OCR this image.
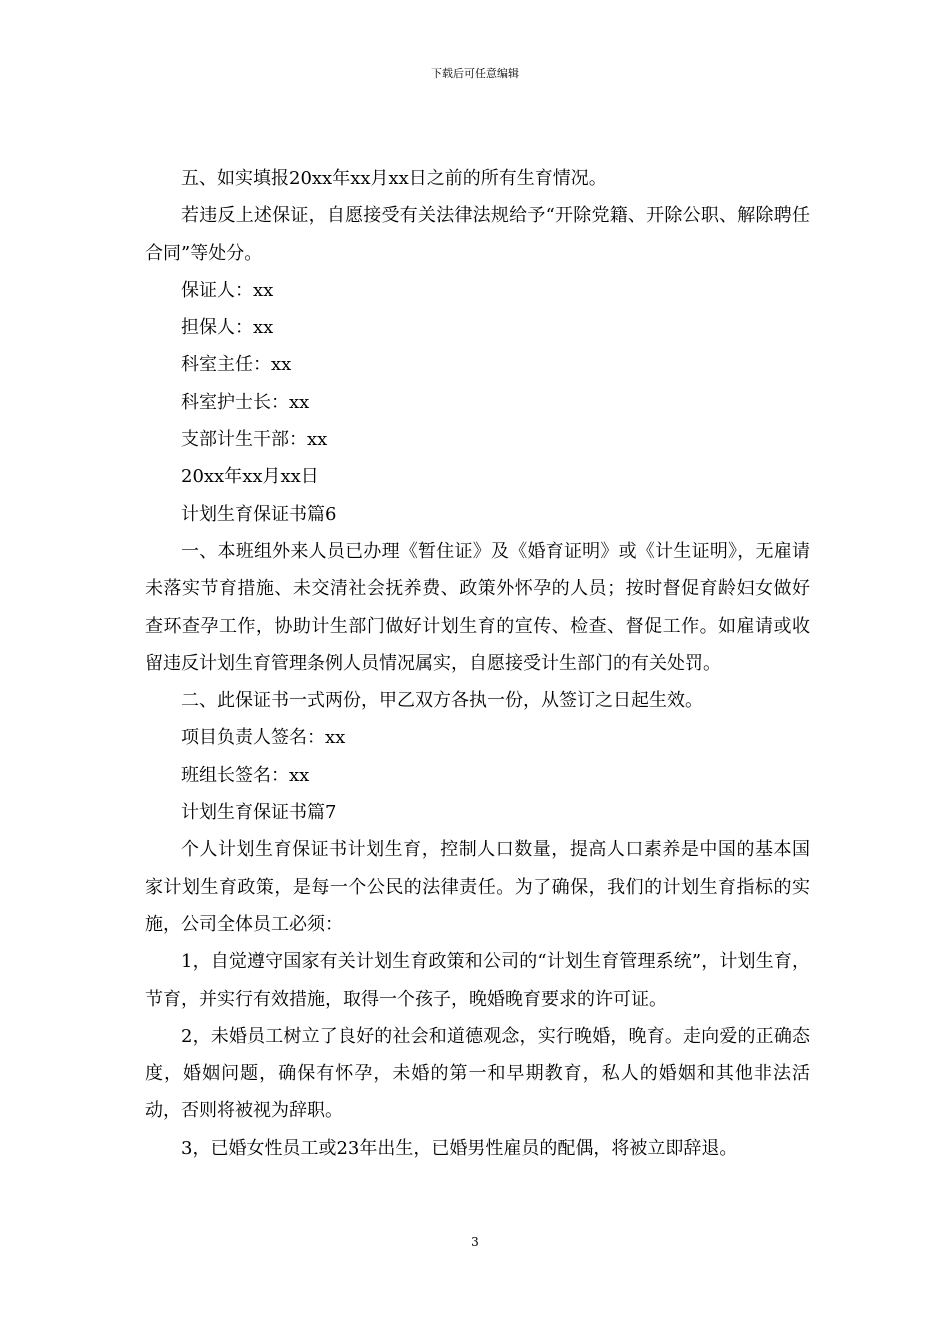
下载后可任意编辑
五、如实填报20xx年xx月xx日之前的所有生育情况。

若违反上述保证，自愿接受有关法律法规给予“开除党籍、开除公职、解除聘任合同”等处分。

保证人：xx
担保人：xx
科室主任：xx
科室护士长：xx
支部计生干部：xx
20xx年xx月xx日
计划生育保证书篇6

一、本班组外来人员已办理《暂住证》及《婚育证明》或《计生证明》，无雇请未落实节育措施、未交清社会抚养费、政策外怀孕的人员；按时督促育龄妇女做好查环查孕工作，协助计生部门做好计划生育的宣传、检查、督促工作。如雇请或收留违反计划生育管理条例人员情况属实，自愿接受计生部门的有关处罚。

二、此保证书一式两份，甲乙双方各执一份，从签订之日起生效。
项目负责人签名：xx
班组长签名：xx
计划生育保证书篇7

个人计划生育保证书计划生育，控制人口数量，提高人口素养是中国的基本国家计划生育政策，是每一个公民的法律责任。为了确保，我们的计划生育指标的实施，公司全体员工必须：

1，自觉遵守国家有关计划生育政策和公司的“计划生育管理系统”，计划生育，节育，并实行有效措施，取得一个孩子，晚婚晚育要求的许可证。

2，未婚员工树立了良好的社会和道德观念，实行晚婚，晚育。走向爱的正确态度，婚姻问题，确保有怀孕，未婚的第一和早期教育，私人的婚姻和其他非法活动，否则将被视为辞职。

3，已婚女性员工或23年出生，已婚男性雇员的配偶，将被立即辞退。
3
